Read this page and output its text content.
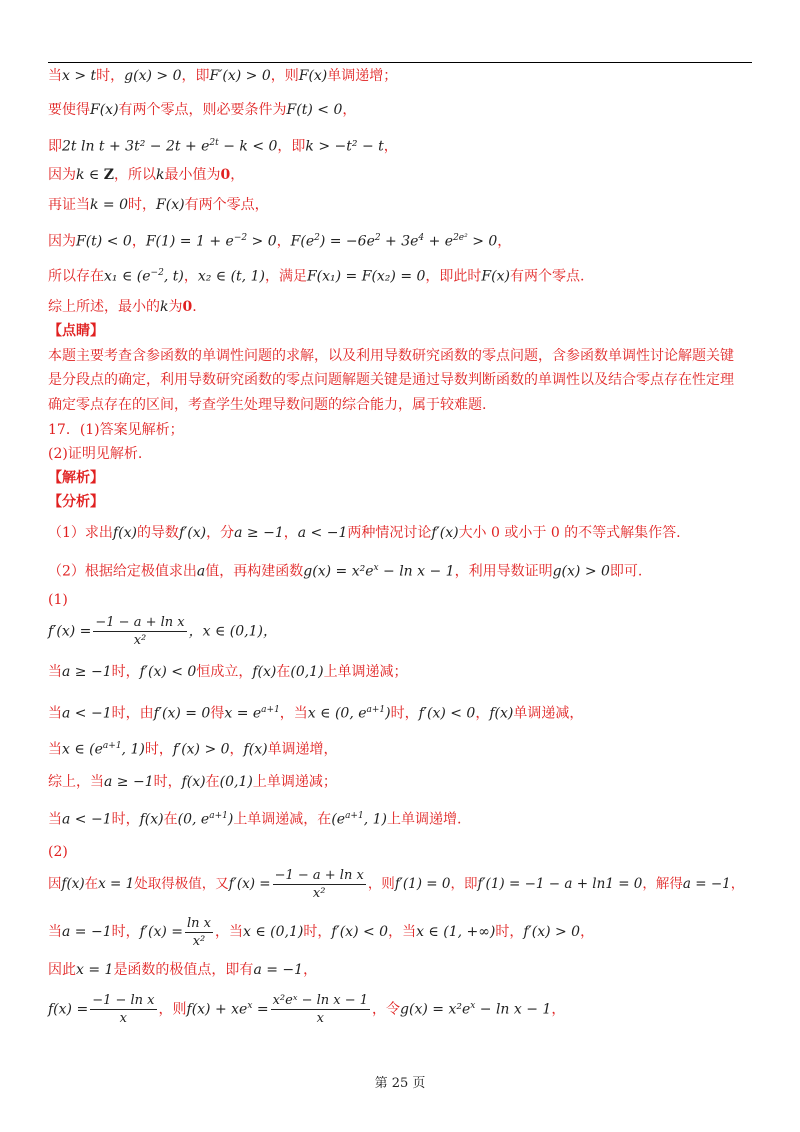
当x > t时，g(x) > 0，即F′(x) > 0，则F(x)单调递增；
要使得F(x)有两个零点，则必要条件为F(t) < 0，
即2t $\ln t + 3t^2 - 2t + e^{2t} - k < 0$，即k > −t² − t，
因为k ∈ Z，所以k最小值为0，
再证当k = 0时，F(x)有两个零点，
因为F(t) < 0，$F(1) = 1 + e^{-2} > 0$，$F(e^2) = -6e^2 + 3e^4 + e^{2e^2} > 0$，
所以存在x₁ ∈ ($e^{-2}$, t)，x₂ ∈ (t, 1)，满足F(x₁) = F(x₂) = 0，即此时F(x)有两个零点.
综上所述，最小的k为0.
【点睛】
本题主要考查含参函数的单调性问题的求解，以及利用导数研究函数的零点问题，含参函数单调性讨论解题关键
是分段点的确定，利用导数研究函数的零点问题解题关键是通过导数判断函数的单调性以及结合零点存在性定理
确定零点存在的区间，考查学生处理导数问题的综合能力，属于较难题.
17．(1)答案见解析；
(2)证明见解析.
【解析】
【分析】
（1）求出f(x)的导数f′(x)，分a ≥ −1，a < −1两种情况讨论f′(x)大小 0 或小于 0 的不等式解集作答.
（2）根据给定极值求出a值，再构建函数$g(x) = x^2e^x - \ln x - 1$，利用导数证明g(x) > 0即可.
(1)
$f'(x) = \frac{\text{−1 − a + ln x}}{\text{x²}}$ ，x ∈ (0,1)，
当a ≥ −1时，f′(x) < 0恒成立，f(x)在(0,1)上单调递减；
当a < −1时，由f′(x) = 0得$x = e^{a+1}$，当x ∈ (0, $e^{a+1}$)时，f′(x) < 0，f(x)单调递减，
当x ∈ ($e^{a+1}$, 1)时，f′(x) > 0，f(x)单调递增，
综上，当a ≥ −1时，f(x)在(0,1)上单调递减；
当a < −1时，f(x)在(0, $e^{a+1}$)上单调递减，在($e^{a+1}$, 1)上单调递增.
(2)
因f(x)在x = 1处取得极值，又$f'(x) = \frac{\text{−1 − a + ln x}}{\text{x²}}$ ，则f′(1) = 0，即f′(1) = −1 − a + ln1 = 0，解得a = −1，
当a = −1时，$f'(x) = \frac{\text{ln x}}{\text{x²}}$ ，当x ∈ (0,1)时，f′(x) < 0，当x ∈ (1, +∞)时，f′(x) > 0，
因此x = 1是函数的极值点，即有a = −1，
$f(x) = \frac{\text{−1 − ln x}}{x}$ ，则$f(x) + xe^x = \frac{\text{x²eˣ − ln x − 1}}{x}$ ，令$g(x) = x^2e^x - \ln x - 1$，
第 25 页
